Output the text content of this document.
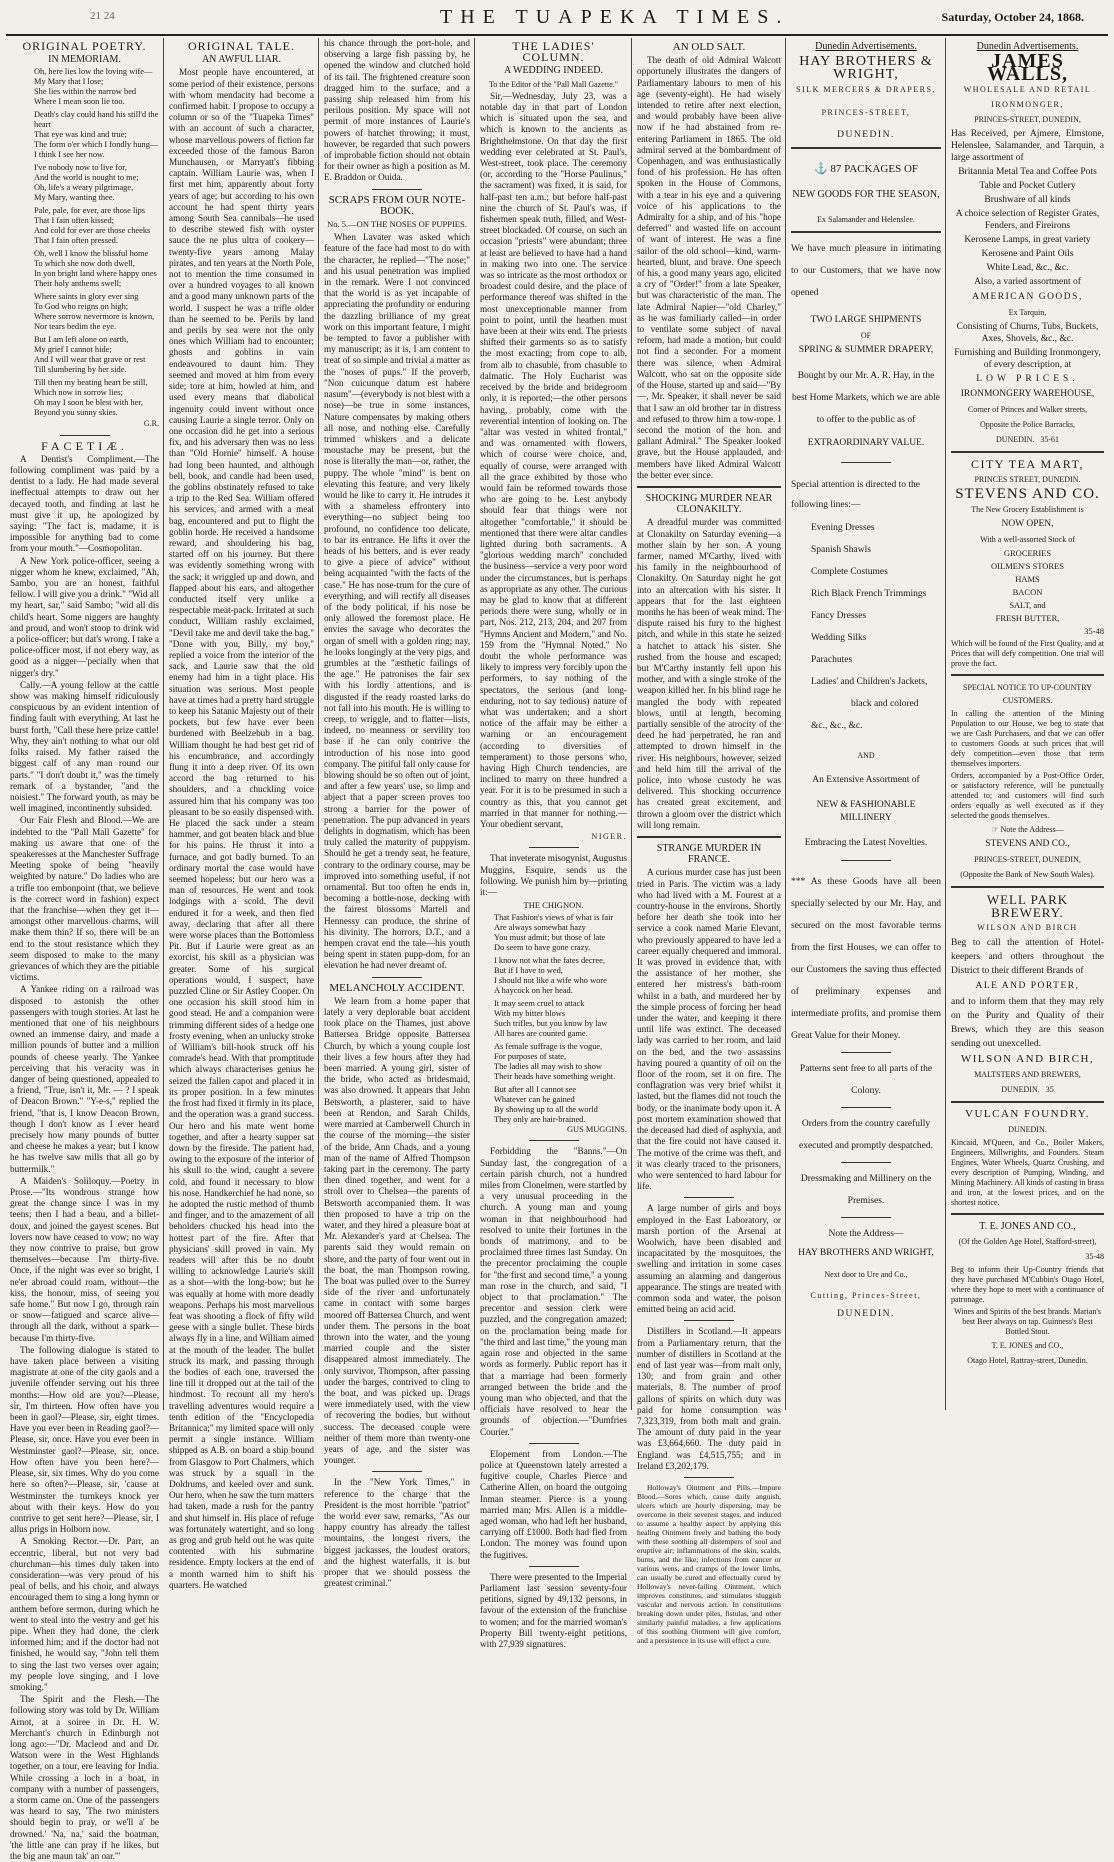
21 24	THE TUAPEKA TIMES.	Saturday, October 24, 1868.
ORIGINAL POETRY.
IN MEMORIAM.

Oh, here lies low the loving wife—

My Mary that I lose;

She lies within the narrow bed

Where I mean soon lie too.

Death's clay could hand his still'd the heart

That eye was kind and true;

The form o'er which I fondly hung—

I think I see her now.

I've nobody now to live for,

And the world is nought to me;

Oh, life's a weary pilgrimage,

My Mary, wanting thee.

Pale, pale, for ever, are those lips

That I fain often kissed;

And cold for ever are those cheeks

That I fain often pressed.

Oh, well I know the blissful home

To which she now doth dwell,

In yon bright land where happy ones

Their holy anthems swell;

Where saints in glory ever sing

To God who reigns on high;

Where sorrow nevermore is known,

Nor tears bedim the eye.

But I am left alone on earth,

My grief I cannot hide;

And I will wear that grave or rest

Till slumbering by her side.

Till then my beating heart be still,

Which now in sorrow lies;

Oh may I soon be blest with her,

Beyond you sunny skies.

G.R.
FACETIÆ.

A Dentist's Compliment.—The following compliment was paid by a dentist to a lady. He had made several ineffectual attempts to draw out her decayed tooth, and finding at last he must give it up, he apologized by saying: "The fact is, madame, it is impossible for anything bad to come from your mouth."—Cosmopolitan.

A New York police-officer, seeing a nigger whom he knew, exclaimed, "Ah, Sambo, you are an honest, faithful fellow. I will give you a drink." "Wid all my heart, sar," said Sambo; "wid all dis child's heart. Some niggers are haughty and proud, and won't stoop to drink wid a police-officer; but dat's wrong. I take a police-officer most, if not ebery way, as good as a nigger—'pecially when that nigger's dry."

Cally.—A young fellow at the cattle show was making himself ridiculously conspicuous by an evident intention of finding fault with everything. At last he burst forth, "Call these here prize cattle! Why, they ain't nothing to what our old folks raised. My father raised the biggest calf of any man round our parts." "I don't doubt it," was the timely remark of a bystander, "and the noisiest." The forward youth, as may be well imagined, incontinently subsided.

Our Fair Flesh and Blood.—We are indebted to the "Pall Mall Gazette" for making us aware that one of the speakeresses at the Manchester Suffrage Meeting spoke of being "heavily weighted by nature." Do ladies who are a trifle too embonpoint (that, we believe is the correct word in fashion) expect that the franchise—when they get it—amongst other marvellous charms, will make them thin? If so, there will be an end to the stout resistance which they seem disposed to make to the many grievances of which they are the pitiable victims.

A Yankee riding on a railroad was disposed to astonish the other passengers with tough stories. At last he mentioned that one of his neighbours owned an immense dairy, and made a million pounds of butter and a million pounds of cheese yearly. The Yankee perceiving that his veracity was in danger of being questioned, appealed to a friend, "True, isn't it, Mr. — ? I speak of Deacon Brown." "Y-e-s," replied the friend, "that is, I know Deacon Brown, though I don't know as I ever heard precisely how many pounds of butter and cheese he makes a year; but I know he has twelve saw mills that all go by buttermilk."

A Maiden's Soliloquy.—Poetry in Prose.—"Its wondrous strange how great the change since I was in my teens; then I had a beau, and a billet-doux, and joined the gayest scenes. But lovers now have ceased to vow; no way they now contrive to praise, but grow themselves—because I'm thirty-five. Once, if the night was ever so bright, I ne'er abroad could roam, without—the kiss, the honour, miss, of seeing you safe home." But now I go, through rain or snow—fatigued and scarce alive—through all the dark, without a spark—because I'm thirty-five.

The following dialogue is stated to have taken place between a visiting magistrate at one of the city gaols and a juvenile offender serving out his three months:—How old are you?—Please, sir, I'm thirteen. How often have you been in gaol?—Please, sir, eight times. Have you ever been in Reading gaol?—Please, sir, once. Have you ever been in Westminster gaol?—Please, sir, once. How often have you been here?—Please, sir, six times. Why do you come here so often?—Please, sir, 'cause at Westminster the turnkeys knock yer about with their keys. How do you contrive to get sent here?—Please, sir, I allus prigs in Holborn now.

A Smoking Rector.—Dr. Parr, an eccentric, liberal, but not very bad churchman—his times duly taken into consideration—was very proud of his peal of bells, and his choir, and always encouraged them to sing a long hymn or anthem before sermon, during which he went to steal into the vestry and get his pipe. When they had done, the clerk informed him; and if the doctor had not finished, he would say, "John tell them to sing the last two verses over again; my people love singing, and I love smoking."

The Spirit and the Flesh.—The following story was told by Dr. William Arnot, at a soiree in Dr. H. W. Merchant's church in Edinburgh not long ago:—"Dr. Macleod and and Dr. Watson were in the West Highlands together, on a tour, ere leaving for India. While crossing a loch in a boat, in company with a number of passengers, a storm came on. One of the passengers was heard to say, 'The two ministers should begin to pray, or we'll a' be drowned.' 'Na, na,' said the boatman, 'the little ane can pray if he likes, but the big ane maun tak' an oar.'"

ORIGINAL TALE.
AN AWFUL LIAR.

Most people have encountered, at some period of their existence, persons with whom mendacity had become a confirmed habit. I propose to occupy a column or so of the "Tuapeka Times" with an account of such a character, whose marvellous powers of fiction far exceeded those of the famous Baron Munchausen, or Marryatt's fibbing captain. William Laurie was, when I first met him, apparently about forty years of age; but according to his own account he had spent thirty years among South Sea cannibals—he used to describe stewed fish with oyster sauce the ne plus ultra of cookery—twenty-five years among Malay pirates, and ten years at the North Pole, not to mention the time consumed in over a hundred voyages to all known and a good many unknown parts of the world. I suspect he was a trifle older than he seemed to be. Perils by land and perils by sea were not the only ones which William had to encounter; ghosts and goblins in vain endeavoured to daunt him. They seemed and moved at him from every side; tore at him, howled at him, and used every means that diabolical ingenuity could invent without once causing Laurie a single terror. Only on one occasion did he get into a serious fix, and his adversary then was no less than "Old Hornie" himself. A house had long been haunted, and although bell, book, and candle had been used, the goblins obstinately refused to take a trip to the Red Sea. William offered his services, and armed with a meal bag, encountered and put to flight the goblin horde. He received a handsome reward, and shouldering his bag, started off on his journey. But there was evidently something wrong with the sack; it wriggled up and down, and flapped about his ears, and altogether conducted itself very unlike a respectable meat-pack. Irritated at such conduct, William rashly exclaimed, "Devil take me and devil take the bag." "Done with you, Billy, my boy," replied a voice from the interior of the sack, and Laurie saw that the old enemy had him in a tight place. His situation was serious. Most people have at times had a pretty hard struggle to keep his Satanic Majesty out of their pockets, but few have ever been burdened with Beelzebub in a bag. William thought he had best get rid of his encumbrance, and accordingly flung it into a deep river. Of its own accord the bag returned to his shoulders, and a chuckling voice assured him that his company was too pleasant to be so easily dispensed with. He placed the sack under a steam hammer, and got beaten black and blue for his pains. He thrust it into a furnace, and got badly burned. To an ordinary mortal the case would have seemed hopeless; but our hero was a man of resources. He went and took lodgings with a scold. The devil endured it for a week, and then fled away, declaring that after all there were worse places than the Bottomless Pit. But if Laurie were great as an exorcist, his skill as a physician was greater. Some of his surgical operations would, I suspect, have puzzled Cline or Sir Astley Cooper. On one occasion his skill stood him in good stead. He and a companion were trimming different sides of a hedge one frosty evening, when an unlucky stroke of William's bill-hook struck off his comrade's head. With that promptitude which always characterises genius he seized the fallen capot and placed it in its proper position. In a few minutes the frost had fixed it firmly in its place, and the operation was a grand success. Our hero and his mate went home together, and after a hearty supper sat down by the fireside. The patient had, owing to the exposure of the interior of his skull to the wind, caught a severe cold, and found it necessary to blow his nose. Handkerchief he had none, so he adopted the rustic method of thumb and finger, and to the amazement of all beholders chucked his head into the hottest part of the fire. After that physicians' skill proved in vain. My readers will after this be no doubt willing to acknowledge Laurie's skill as a shot—with the long-bow; but he was equally at home with more deadly weapons. Perhaps his most marvellous feat was shooting a flock of fifty wild geese with a single bullet. These birds always fly in a line, and William aimed at the mouth of the leader. The bullet struck its mark, and passing through the bodies of each one, traversed the line till it dropped out at the tail of the hindmost. To recount all my hero's travelling adventures would require a tenth edition of the "Encyclopedia Britannica;" my limited space will only permit a single instance. William shipped as A.B. on board a ship bound from Glasgow to Port Chalmers, which was struck by a squall in the Doldrums, and keeled over and sunk. Our hero, when he saw the turn matters had taken, made a rush for the pantry and shut himself in. His place of refuge was fortunately watertight, and so long as grog and grub held out he was quite contented with his submarine residence. Empty lockers at the end of a month warned him to shift his quarters. He watched

his chance through the port-hole, and observing a large fish passing by, he opened the window and clutched hold of its tail. The frightened creature soon dragged him to the surface, and a passing ship released him from his perilous position. My space will not permit of more instances of Laurie's powers of hatchet throwing; it must, however, be regarded that such powers of improbable fiction should not obtain for their owner as high a position as M. E. Braddon or Ouida.

SCRAPS FROM OUR NOTE-BOOK.
No. 5.—ON THE NOSES OF PUPPIES.

When Lavater was asked which feature of the face had most to do with the character, he replied—"The nose;" and his usual penetration was implied in the remark. Were I not convinced that the world is as yet incapable of appreciating the profundity or enduring the dazzling brilliance of my great work on this important feature, I might be tempted to favor a publisher with my manuscript; as it is, I am content to treat of so simple and trivial a matter as the "noses of pups." If the proverb, "Non cuicunque datum est habere nasum"—(everybody is not blest with a nose)—be true in some instances, Nature compensates by making others all nose, and nothing else. Carefully trimmed whiskers and a delicate moustache may be present, but the nose is literally the man—or, rather, the puppy. The whole "mind" is bent on elevating this feature, and very likely would he like to carry it. He intrudes it with a shameless effrontery into everything—no subject being too profound, no confidence too delicate, to bar its entrance. He lifts it over the heads of his betters, and is ever ready to give a piece of advice" without being acquainted "with the facts of the case." He has nose-trum for the cure of everything, and will rectify all diseases of the body political, if his nose be only allowed the foremost place. He envies the savage who decorates the organ of smell with a golden ring; nay, he looks longingly at the very pigs, and grumbles at the "æsthetic failings of the age." He patronises the fair sex with his lordly attentions, and is disgusted if the ready roasted larks do not fall into his mouth. He is willing to creep, to wriggle, and to flatter—lists, indeed, no meanness or servility too base if he can only contrive the introduction of his nose into good company. The pitiful fall only cause for blowing should be so often out of joint, and after a few years' use, so limp and abject that a paper screen proves too strong a barrier for the power of penetration. The pup advanced in years delights in dogmatism, which has been truly called the maturity of puppyism. Should he get a trendy seat, he feature, contrary to the ordinary course, may be improved into something useful, if not ornamental. But too often he ends in, becoming a bottle-nose, decking with the fairest blossoms Martell and Hennessy can produce, the shrine of his divinity. The horrors, D.T., and a hempen cravat end the tale—his youth being spent in staten pupp-dom, for an elevation he had never dreamt of.

MELANCHOLY ACCIDENT.

We learn from a home paper that lately a very deplorable boat accident took place on the Thames, just above Battersea Bridge opposite Battersea Church, by which a young couple lost their lives a few hours after they had been married. A young girl, sister of the bride, who acted as bridesmaid, was also drowned. It appears that John Betsworth, a plasterer, said to have been at Rendon, and Sarah Childs, were married at Camberwell Church in the course of the morning—the sister of the bride, Ann Chads, and a young man of the name of Alfred Thompson taking part in the ceremony. The party then dined together, and went for a stroll over to Chelsea—the parents of Betsworth accompanied them. It was then proposed to have a trip on the water, and they hired a pleasure boat at Mr. Alexander's yard at Chelsea. The parents said they would remain on shore, and the party of four went out in the boat, the man Thompson rowing. The boat was pulled over to the Surrey side of the river and unfortunately came in contact with some barges moored off Battersea Church, and went under them. The persons in the boat thrown into the water, and the young married couple and the sister disappeared almost immediately. The only survivor, Thompson, after passing under the barges, contrived to cling to the boat, and was picked up. Drags were immediately used, with the view of recovering the bodies, but without success. The deceased couple were neither of them more than twenty-one years of age, and the sister was younger.

In the "New York Times," in reference to the charge that the President is the most horrible "patriot" the world ever saw, remarks, "As our happy country has already the tallest mountains, the longest rivers, the biggest jackasses, the loudest orators, and the highest waterfalls, it is but proper that we should possess the greatest criminal."

THE LADIES' COLUMN.
A WEDDING INDEED.

To the Editor of the "Pall Mall Gazette."

Sir,—Wednesday, July 23, was a notable day in that part of London which is situated upon the sea, and which is known to the ancients as Brighthelmstone. On that day the first wedding ever celebrated at St. Paul's, West-street, took place. The ceremony (or, according to the "Horse Paulinus," the sacrament) was fixed, it is said, for half-past ten a.m.; but before half-past nine the church of St. Paul's was, if fishermen speak truth, filled, and West-street blockaded. Of course, on such an occasion "priests" were abundant; three at least are believed to have had a hand in making two into one. The service was so intricate as the most orthodox or broadest could desire, and the place of performance thereof was shifted in the most unexceptionable manner from point to point, until the heathen must have been at their wits end. The priests shifted their garments so as to satisfy the most exacting; from cope to alb, from alb to chasuble, from chasuble to dalmatic. The Holy Eucharist was received by the bride and bridegroom only, it is reported;—the other persons having, probably, come with the reverential intention of looking on. The "altar was vested in whited frontal," and was ornamented with flowers, which of course were choice, and, equally of course, were arranged with all the grace exhibited by those who would fain be reformed towards those who are going to be. Lest anybody should fear that things were not altogether "comfortable," it should be mentioned that there were altar candles lighted during both sacraments. A "glorious wedding march" concluded the business—service a very poor word under the circumstances, but is perhaps as appropriate as any other. The curious may be glad to know that at different periods there were sung, wholly or in part, Nos. 212, 213, 204, and 207 from "Hymns Ancient and Modern," and No. 159 from the "Hymnal Noted." No doubt the whole performance was likely to impress very forcibly upon the performers, to say nothing of the spectators, the serious (and long-enduring, not to say tedious) nature of what was undertaken; and a short notice of the affair may be either a warning or an encouragement (according to diversities of temperament) to those persons who, having High Church tendencies, are inclined to marry on three hundred a year. For it is to be presumed in such a country as this, that you cannot get married in that manner for nothing.—Your obedient servant,

NIGER.

That inveterate misogynist, Augustus Muggins, Esquire, sends us the following. We punish him by—printing it:—

THE CHIGNON.

That Fashion's views of what is fair

Are always somewhat hazy

You must admit; but those of late

Do seem to have gone crazy.

I know not what the fates decree,

But if I have to wed,

I should not like a wife who wore

A haycock on her head.

It may seem cruel to attack

With my bitter blows

Such trifles, but you know by law

All hares are counted game.

As female suffrage is the vogue,

For purposes of state,

The ladies all may wish to show

Their heads have something weight.

But after all I cannot see

Whatever can be gained

By showing up to all the world

They only are hair-brained.

GUS MUGGINS.

Forbidding the "Banns."—On Sunday last, the congregation of a certain parish church, not a hundred miles from Clonelmen, were startled by a very unusual proceeding in the church. A young man and young woman in that neighbourhood had resolved to unite their fortunes in the bonds of matrimony, and to be proclaimed three times last Sunday. On the precentor proclaiming the couple for "the first and second time," a young man rose in the church, and said, "I object to that proclamation." The precentor and session clerk were puzzled, and the congregation amazed; on the proclamation being made for "the third and last time," the young man again rose and objected in the same words as formerly. Public report has it that a marriage had been formerly arranged between the bride and the young man who objected, and that the officials have resolved to hear the grounds of objection.—"Dumfries Courier."

Elopement from London.—The police at Queenstown lately arrested a fugitive couple, Charles Pierce and Catherine Allen, on board the outgoing Inman steamer. Pierce is a young married man; Mrs. Allen is a middle-aged woman, who had left her husband, carrying off £1000. Both had fled from London. The money was found upon the fugitives.

There were presented to the Imperial Parliament last session seventy-four petitions, signed by 49,132 persons, in favour of the extension of the franchise to women; and for the married woman's Property Bill twenty-eight petitions, with 27,939 signatures.

AN OLD SALT.

The death of old Admiral Walcott opportunely illustrates the dangers of Parliamentary labours to men of his age (seventy-eight). He had wisely intended to retire after next election, and would probably have been alive now if he had abstained from re-entering Parliament in 1865. The old admiral served at the bombardment of Copenhagen, and was enthusiastically fond of his profession. He has often spoken in the House of Commons, with a tear in his eye and a quivering voice of his applications to the Admiralty for a ship, and of his "hope deferred" and wasted life on account of want of interest. He was a fine sailor of the old school—kind, warm-hearted, blunt, and brave. One speech of his, a good many years ago, elicited a cry of "Order!" from a late Speaker, but was characteristic of the man. The late Admiral Napier—"old Charley," as he was familiarly called—in order to ventilate some subject of naval reform, had made a motion, but could not find a seconder. For a moment there was silence, when Admiral Walcott, who sat on the opposite side of the House, started up and said—"By—, Mr. Speaker, it shall never be said that I saw an old brother tar in distress and refused to throw him a tow-rope. I second the motion of the hon. and gallant Admiral." The Speaker looked grave, but the House applauded, and members have liked Admiral Walcott the better ever since.

SHOCKING MURDER NEAR CLONAKILTY.

A dreadful murder was committed at Clonakilty on Saturday evening—a mother slain by her son. A young farmer, named M'Carthy, lived with his family in the neighbourhood of Clonakilty. On Saturday night he got into an altercation with his sister. It appears that for the last eighteen months he has been of weak mind. The dispute raised his fury to the highest pitch, and while in this state he seized a hatchet to attack his sister. She rushed from the house and escaped; but M'Carthy instantly fell upon his mother, and with a single stroke of the weapon killed her. In his blind rage he mangled the body with repeated blows, until at length, becoming partially sensible of the atrocity of the deed he had perpetrated, he ran and attempted to drown himself in the river. His neighbours, however, seized and held him till the arrival of the police, into whose custody he was delivered. This shocking occurrence has created great excitement, and thrown a gloom over the district which will long remain.

STRANGE MURDER IN FRANCE.

A curious murder case has just been tried in Paris. The victim was a lady who had lived with a M. Fourest at a country-house in the environs. Shortly before her death she took into her service a cook named Marie Elevant, who previously appeared to have led a career equally chequered and immoral. It was proved in evidence that, with the assistance of her mother, she entered her mistress's bath-room whilst in a bath, and murdered her by the simple process of forcing her head under the water, and keeping it there until life was extinct. The deceased lady was carried to her room, and laid on the bed, and the two assassins having poured a quantity of oil on the floor of the room, set it on fire. The conflagration was very brief whilst it lasted, but the flames did not touch the body, or the inanimate body upon it. A post mortem examination showed that the deceased had died of asphyxia, and that the fire could not have caused it. The motive of the crime was theft, and it was clearly traced to the prisoners, who were sentenced to hard labour for life.

A large number of girls and boys employed in the East Laboratory, or marsh portion of the Arsenal at Woolwich, have been disabled and incapacitated by the mosquitoes, the swelling and irritation in some cases assuming an alarming and dangerous appearance. The stings are treated with common soda and water, the poison emitted being an acid acid.

Distillers in Scotland.—It appears from a Parliamentary return, that the number of distillers in Scotland at the end of last year was—from malt only, 130; and from grain and other materials, 8. The number of proof gallons of spirits on which duty was paid for home consumption was 7,323,319, from both malt and grain. The amount of duty paid in the year was £3,664,660. The duty paid in England was £4,515,755; and in Ireland £3,202,179.

Holloway's Ointment and Pills.—Impure Blood.—Sores which, cause daily anguish, ulcers which are hourly dispersing, may be overcome in their severest stages, and induced to assume a healthy aspect by applying this healing Ointment freely and bathing the body with these soothing all distempers of soul and eruptive air; inflammations of the skin, scalds, burns, and the like; infections from cancer or various wens, and cramps of the lower limbs, can usually be cured and effectually cured by Holloway's never-failing Ointment, which improves constitutes, and stimulates sluggish vascular and nervous action. In constitutions breaking down under piles, fistulas, and other similarly painful maladies, a few applications of this soothing Ointment will give comfort, and a persistence in its use will effect a cure.

Dunedin Advertisements.

HAY BROTHERS & WRIGHT,

SILK MERCERS & DRAPERS,

PRINCES-STREET,

DUNEDIN.

⚓ 87 PACKAGES OF

NEW GOODS FOR THE SEASON,

Ex Salamander and Helenslee.

We have much pleasure in intimating to our Customers, that we have now opened

TWO LARGE SHIPMENTS

OF

SPRING & SUMMER DRAPERY,

Bought by our Mr. A. R. Hay, in the best Home Markets, which we are able to offer to the public as of

EXTRAORDINARY VALUE.

Special attention is directed to the following lines:—

Evening Dresses
Spanish Shawls
Complete Costumes
Rich Black French Trimmings
Fancy Dresses
Wedding Silks
Parachutes
Ladies' and Children's Jackets,
black and colored
&c., &c., &c.

AND

An Extensive Assortment of

NEW & FASHIONABLE MILLINERY

Embracing the Latest Novelties.

*** As these Goods have all been specially selected by our Mr. Hay, and secured on the most favorable terms from the first Houses, we can offer to our Customers the saving thus effected of preliminary expenses and intermediate profits, and promise them Great Value for their Money.

Patterns sent free to all parts of the Colony.

Orders from the country carefully executed and promptly despatched.

Dressmaking and Millinery on the Premises.

Note the Address—

HAY BROTHERS AND WRIGHT,

Next door to Ure and Co.,

Cutting, Princes-Street,

DUNEDIN.

Dunedin Advertisements.

JAMES WALLS,

WHOLESALE AND RETAIL

IRONMONGER,

PRINCES-STREET, DUNEDIN,

Has Received, per Ajmere, Elmstone, Helenslee, Salamander, and Tarquin, a large assortment of

Britannia Metal Tea and Coffee Pots

Table and Pocket Cutlery

Brushware of all kinds

A choice selection of Register Grates, Fenders, and Fireirons

Kerosene Lamps, in great variety

Kerosene and Paint Oils

White Lead, &c., &c.

Also, a varied assortment of

AMERICAN GOODS,

Ex Tarquin,

Consisting of Churns, Tubs, Buckets, Axes, Shovels, &c., &c.

Furnishing and Building Ironmongery, of every description, at

LOW PRICES.

IRONMONGERY WAREHOUSE,

Corner of Princes and Walker streets,

Opposite the Police Barracks,

DUNEDIN. 35-61

CITY TEA MART,

PRINCES STREET, DUNEDIN.

STEVENS AND CO.

The New Grocery Establishment is

NOW OPEN,

With a well-assorted Stock of

GROCERIES

OILMEN'S STORES

HAMS

BACON

SALT, and

FRESH BUTTER,

35-48

Which will be found of the First Quality, and at Prices that will defy competition. One trial will prove the fact.

SPECIAL NOTICE TO UP-COUNTRY CUSTOMERS.

In calling the attention of the Mining Population to our House, we beg to state that we are Cash Purchasers, and that we can offer to customers Goods at such prices that will defy competition—even those that term themselves importers.

Orders, accompanied by a Post-Office Order, or satisfactory reference, will be punctually attended to; and customers will find such orders equally as well executed as if they selected the goods themselves.

☞ Note the Address—

STEVENS AND CO.,

PRINCES-STREET, DUNEDIN,

(Opposite the Bank of New South Wales).

WELL PARK BREWERY.

WILSON AND BIRCH

Beg to call the attention of Hotel-keepers and others throughout the District to their different Brands of

ALE AND PORTER,

and to inform them that they may rely on the Purity and Quality of their Brews, which they are this season sending out unexcelled.

WILSON AND BIRCH,

MALTSTERS AND BREWERS,

DUNEDIN. 35

VULCAN FOUNDRY.

DUNEDIN.

Kincaid, M'Queen, and Co., Boiler Makers, Engineers, Millwrights, and Founders. Steam Engines, Water Wheels, Quartz Crushing, and every description of Pumping, Winding, and Mining Machinery. All kinds of casting in brass and iron, at the lowest prices, and on the shortest notice.

T. E. JONES AND CO.,

(Of the Golden Age Hotel, Stafford-street),

35-48

Beg to inform their Up-Country friends that they have purchased M'Cubbin's Otago Hotel, where they hope to meet with a continuance of patronage.

Wines and Spirits of the best brands. Marian's best Beer always on tap. Guinness's Best Bottled Stout.

T. E. JONES and CO.,

Otago Hotel, Rattray-street, Dunedin.
